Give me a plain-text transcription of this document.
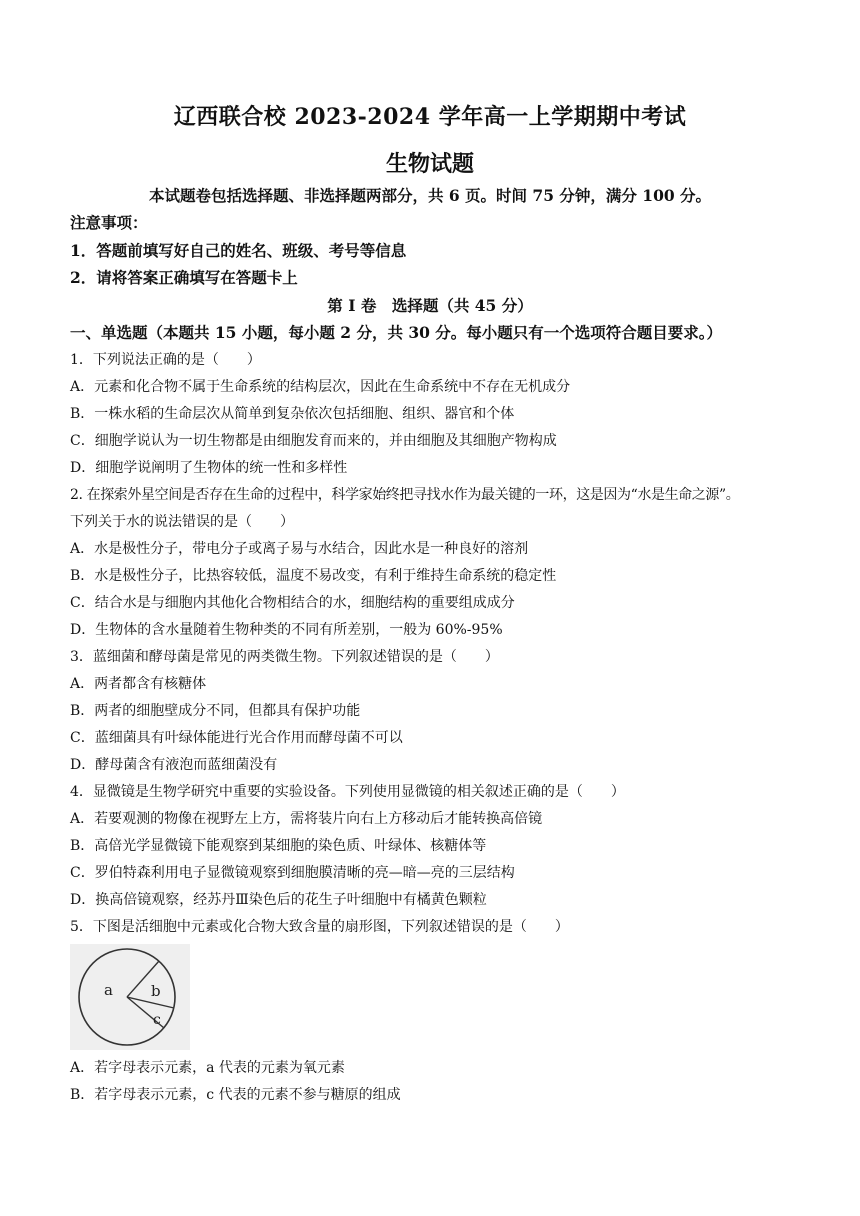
辽西联合校 2023-2024 学年高一上学期期中考试
生物试题
本试题卷包括选择题、非选择题两部分，共 6 页。时间 75 分钟，满分 100 分。
注意事项：
1．答题前填写好自己的姓名、班级、考号等信息
2．请将答案正确填写在答题卡上
第 I 卷　选择题（共 45 分）
一、单选题（本题共 15 小题，每小题 2 分，共 30 分。每小题只有一个选项符合题目要求。）
1．下列说法正确的是（　　）
A．元素和化合物不属于生命系统的结构层次，因此在生命系统中不存在无机成分
B．一株水稻的生命层次从简单到复杂依次包括细胞、组织、器官和个体
C．细胞学说认为一切生物都是由细胞发育而来的，并由细胞及其细胞产物构成
D．细胞学说阐明了生物体的统一性和多样性
2. 在探索外星空间是否存在生命的过程中，科学家始终把寻找水作为最关键的一环，这是因为“水是生命之源”。
下列关于水的说法错误的是（　　）
A．水是极性分子，带电分子或离子易与水结合，因此水是一种良好的溶剂
B．水是极性分子，比热容较低，温度不易改变，有利于维持生命系统的稳定性
C．结合水是与细胞内其他化合物相结合的水，细胞结构的重要组成成分
D．生物体的含水量随着生物种类的不同有所差别，一般为 60%-95%
3．蓝细菌和酵母菌是常见的两类微生物。下列叙述错误的是（　　）
A．两者都含有核糖体
B．两者的细胞壁成分不同，但都具有保护功能
C．蓝细菌具有叶绿体能进行光合作用而酵母菌不可以
D．酵母菌含有液泡而蓝细菌没有
4．显微镜是生物学研究中重要的实验设备。下列使用显微镜的相关叙述正确的是（　　）
A．若要观测的物像在视野左上方，需将装片向右上方移动后才能转换高倍镜
B．高倍光学显微镜下能观察到某细胞的染色质、叶绿体、核糖体等
C．罗伯特森利用电子显微镜观察到细胞膜清晰的亮—暗—亮的三层结构
D．换高倍镜观察，经苏丹Ⅲ染色后的花生子叶细胞中有橘黄色颗粒
5．下图是活细胞中元素或化合物大致含量的扇形图，下列叙述错误的是（　　）
a	b
c
A．若字母表示元素，a 代表的元素为氧元素
B．若字母表示元素，c 代表的元素不参与糖原的组成
